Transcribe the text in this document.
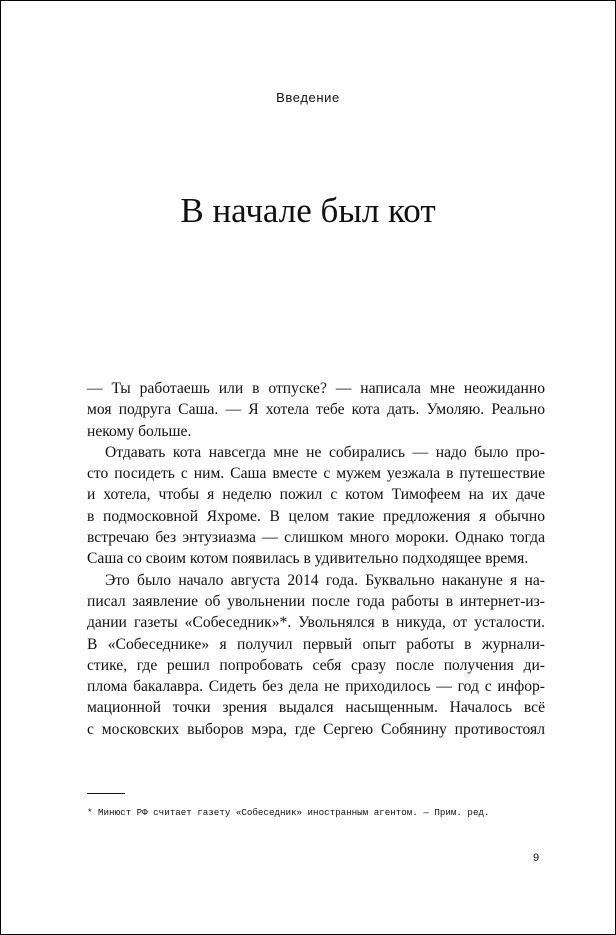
Введение
В начале был кот

— Ты работаешь или в отпуске? — написала мне неожиданно
моя подруга Саша. — Я хотела тебе кота дать. Умоляю. Реально
некому больше.

Отдавать кота навсегда мне не собирались — надо было про-
сто посидеть с ним. Саша вместе с мужем уезжала в путешествие
и хотела, чтобы я неделю пожил с котом Тимофеем на их даче
в подмосковной Яхроме. В целом такие предложения я обычно
встречаю без энтузиазма — слишком много мороки. Однако тогда
Саша со своим котом появилась в удивительно подходящее время.

Это было начало августа 2014 года. Буквально накануне я на-
писал заявление об увольнении после года работы в интернет-из-
дании газеты «Собеседник»*. Увольнялся в никуда, от усталости.
В «Собеседнике» я получил первый опыт работы в журнали-
стике, где решил попробовать себя сразу после получения ди-
плома бакалавра. Сидеть без дела не приходилось — год с инфор-
мационной точки зрения выдался насыщенным. Началось всё
с московских выборов мэра, где Сергею Собянину противостоял

* Минюст РФ считает газету «Собеседник» иностранным агентом. — Прим. ред.
9
